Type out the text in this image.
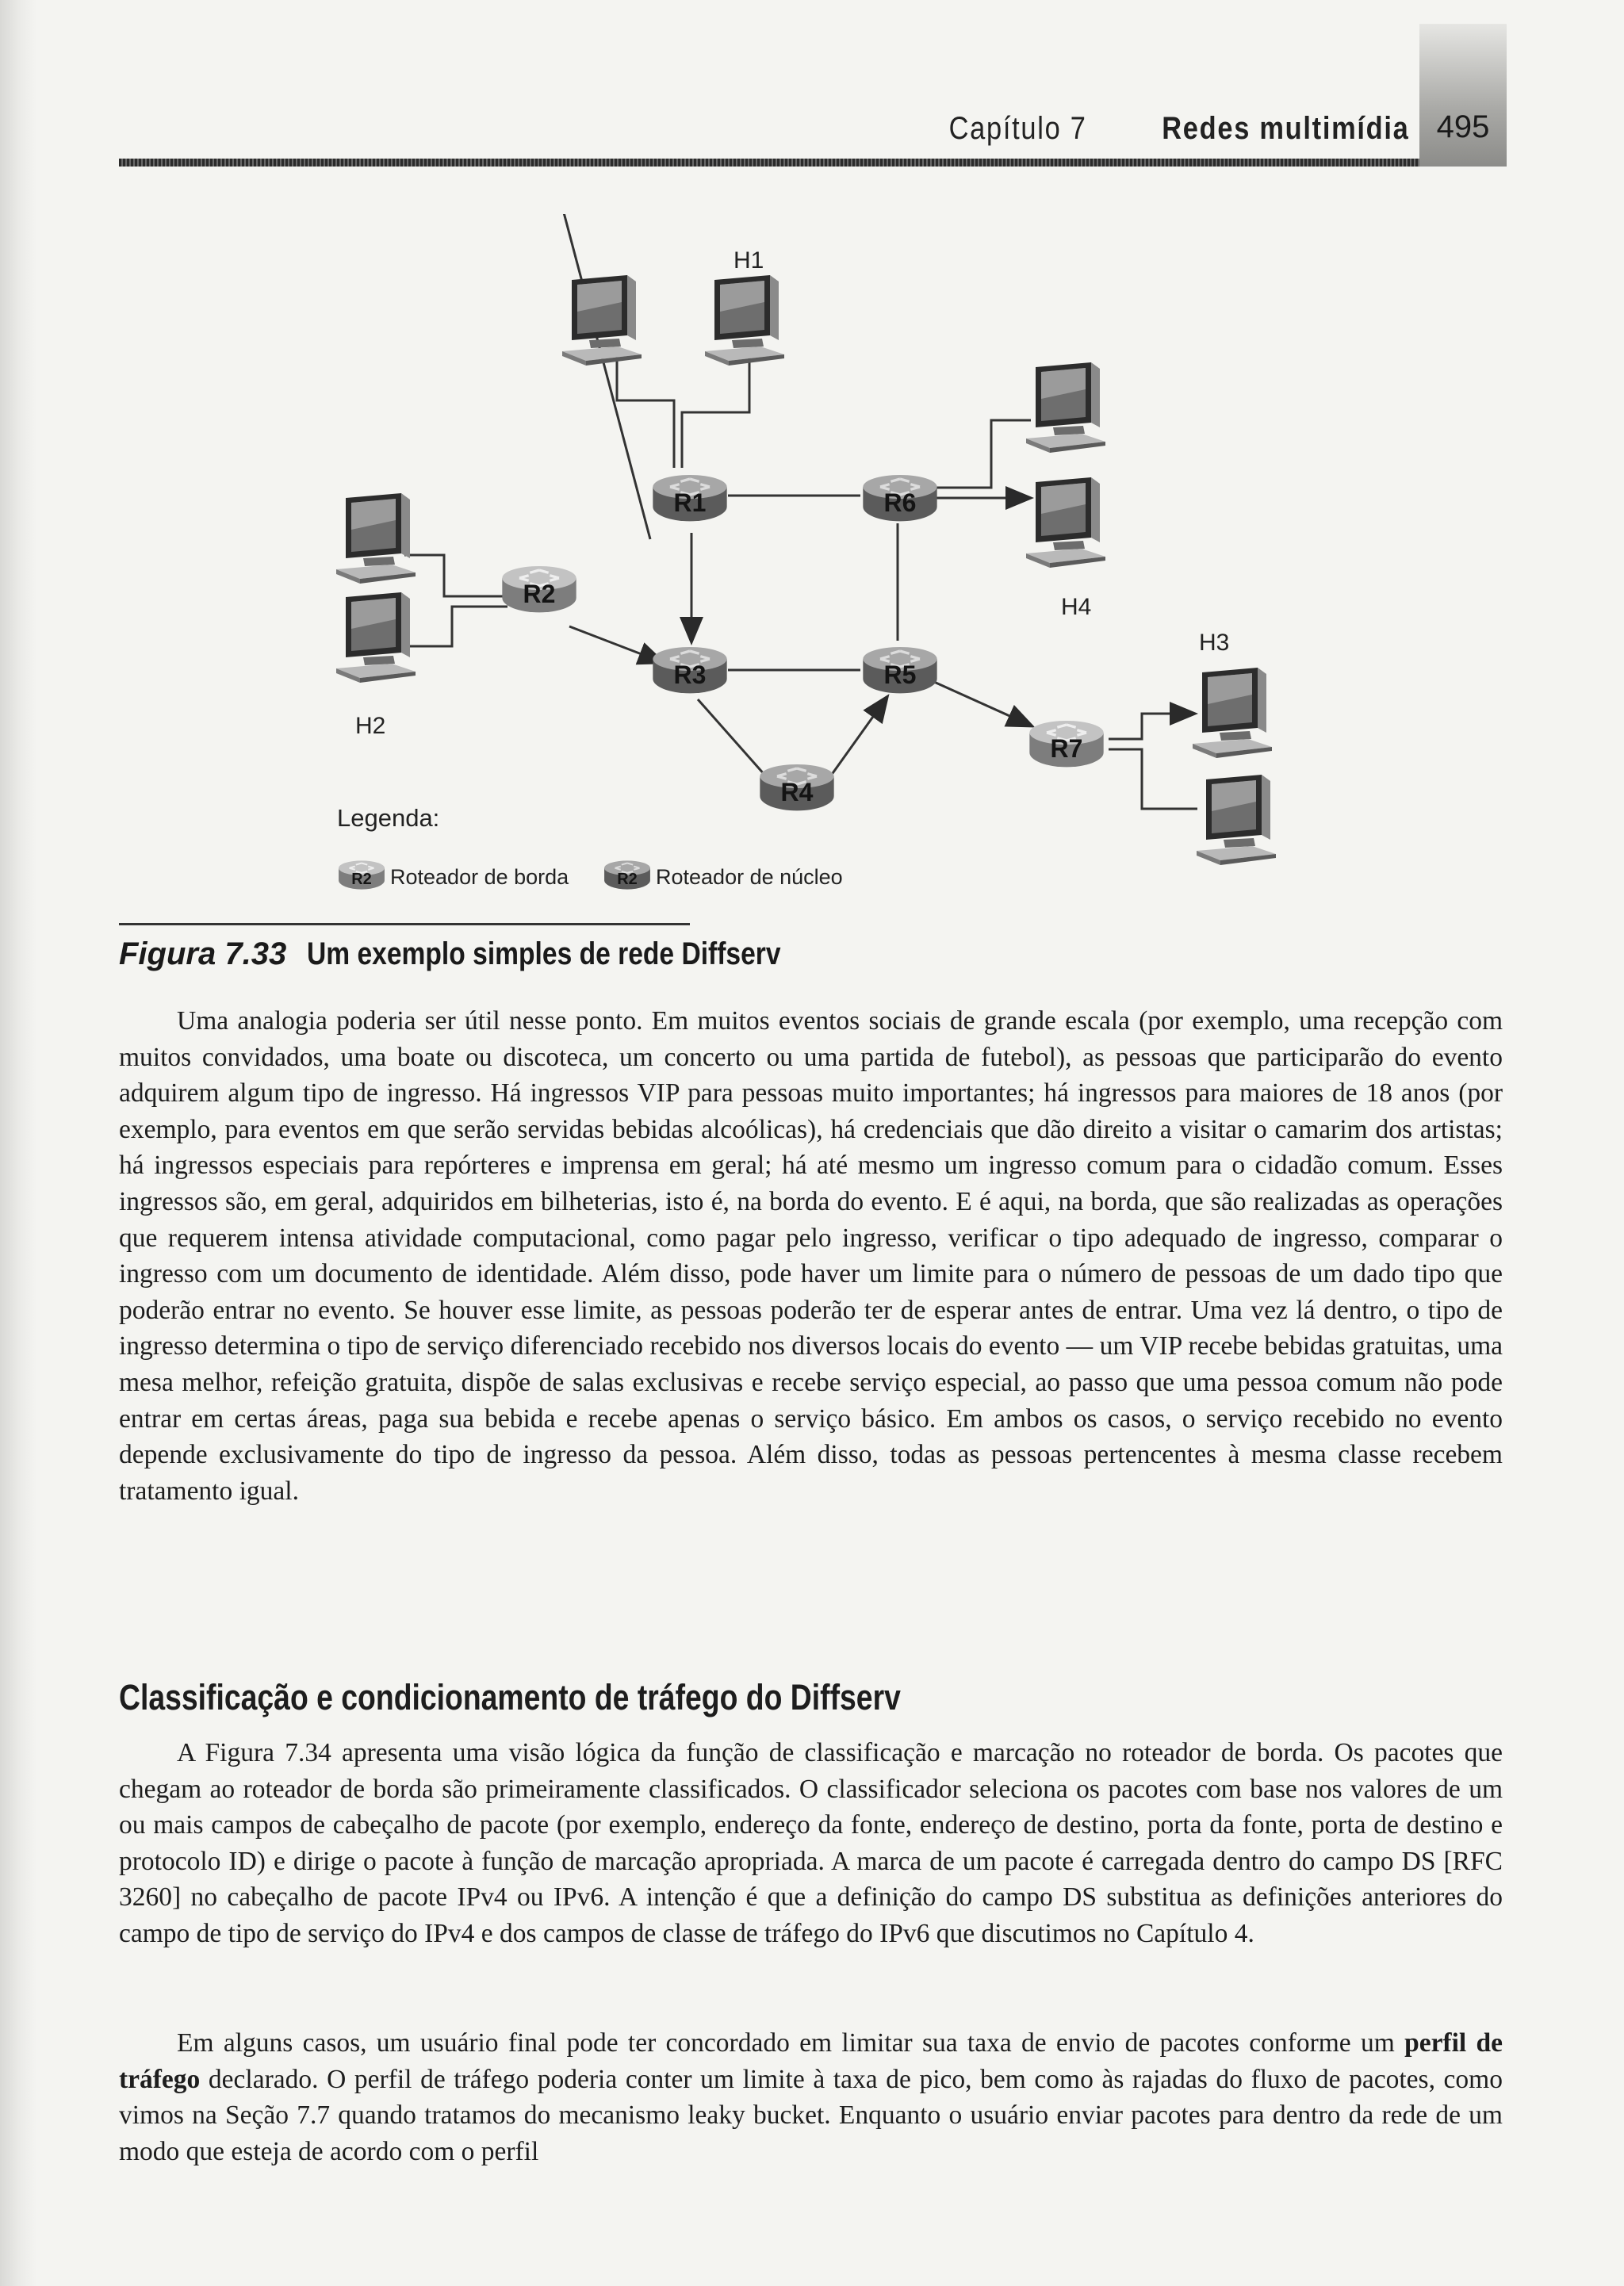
Capítulo 7 Redes multimídia 495
R2
R1	R6
R3	R5
R4
R7
H1
H2
H4
H3
Legenda:
R2 Roteador de borda	R2 Roteador de núcleo
Figura 7.33 Um exemplo simples de rede Diffserv

Uma analogia poderia ser útil nesse ponto. Em muitos eventos sociais de grande escala (por exemplo, uma recepção com muitos convidados, uma boate ou discoteca, um concerto ou uma partida de futebol), as pessoas que participarão do evento adquirem algum tipo de ingresso. Há ingressos VIP para pessoas muito importantes; há ingressos para maiores de 18 anos (por exemplo, para eventos em que serão servidas bebidas alcoólicas), há credenciais que dão direito a visitar o camarim dos artistas; há ingressos especiais para repórteres e imprensa em geral; há até mesmo um ingresso comum para o cidadão comum. Esses ingressos são, em geral, adquiridos em bilheterias, isto é, na borda do evento. E é aqui, na borda, que são realizadas as operações que requerem intensa atividade computacional, como pagar pelo ingresso, verificar o tipo adequado de ingresso, comparar o ingresso com um documento de identidade. Além disso, pode haver um limite para o número de pessoas de um dado tipo que poderão entrar no evento. Se houver esse limite, as pessoas poderão ter de esperar antes de entrar. Uma vez lá dentro, o tipo de ingresso determina o tipo de serviço diferenciado recebido nos diversos locais do evento — um VIP recebe bebidas gratuitas, uma mesa melhor, refeição gratuita, dispõe de salas exclusivas e recebe serviço especial, ao passo que uma pessoa comum não pode entrar em certas áreas, paga sua bebida e recebe apenas o serviço básico. Em ambos os casos, o serviço recebido no evento depende exclusivamente do tipo de ingresso da pessoa. Além disso, todas as pessoas pertencentes à mesma classe recebem tratamento igual.

Classificação e condicionamento de tráfego do Diffserv

A Figura 7.34 apresenta uma visão lógica da função de classificação e marcação no roteador de borda. Os pacotes que chegam ao roteador de borda são primeiramente classificados. O classificador seleciona os pacotes com base nos valores de um ou mais campos de cabeçalho de pacote (por exemplo, endereço da fonte, endereço de destino, porta da fonte, porta de destino e protocolo ID) e dirige o pacote à função de marcação apropriada. A marca de um pacote é carregada dentro do campo DS [RFC 3260] no cabeçalho de pacote IPv4 ou IPv6. A intenção é que a definição do campo DS substitua as definições anteriores do campo de tipo de serviço do IPv4 e dos campos de classe de tráfego do IPv6 que discutimos no Capítulo 4.

Em alguns casos, um usuário final pode ter concordado em limitar sua taxa de envio de pacotes conforme um perfil de tráfego declarado. O perfil de tráfego poderia conter um limite à taxa de pico, bem como às rajadas do fluxo de pacotes, como vimos na Seção 7.7 quando tratamos do mecanismo leaky bucket. Enquanto o usuário enviar pacotes para dentro da rede de um modo que esteja de acordo com o perfil
